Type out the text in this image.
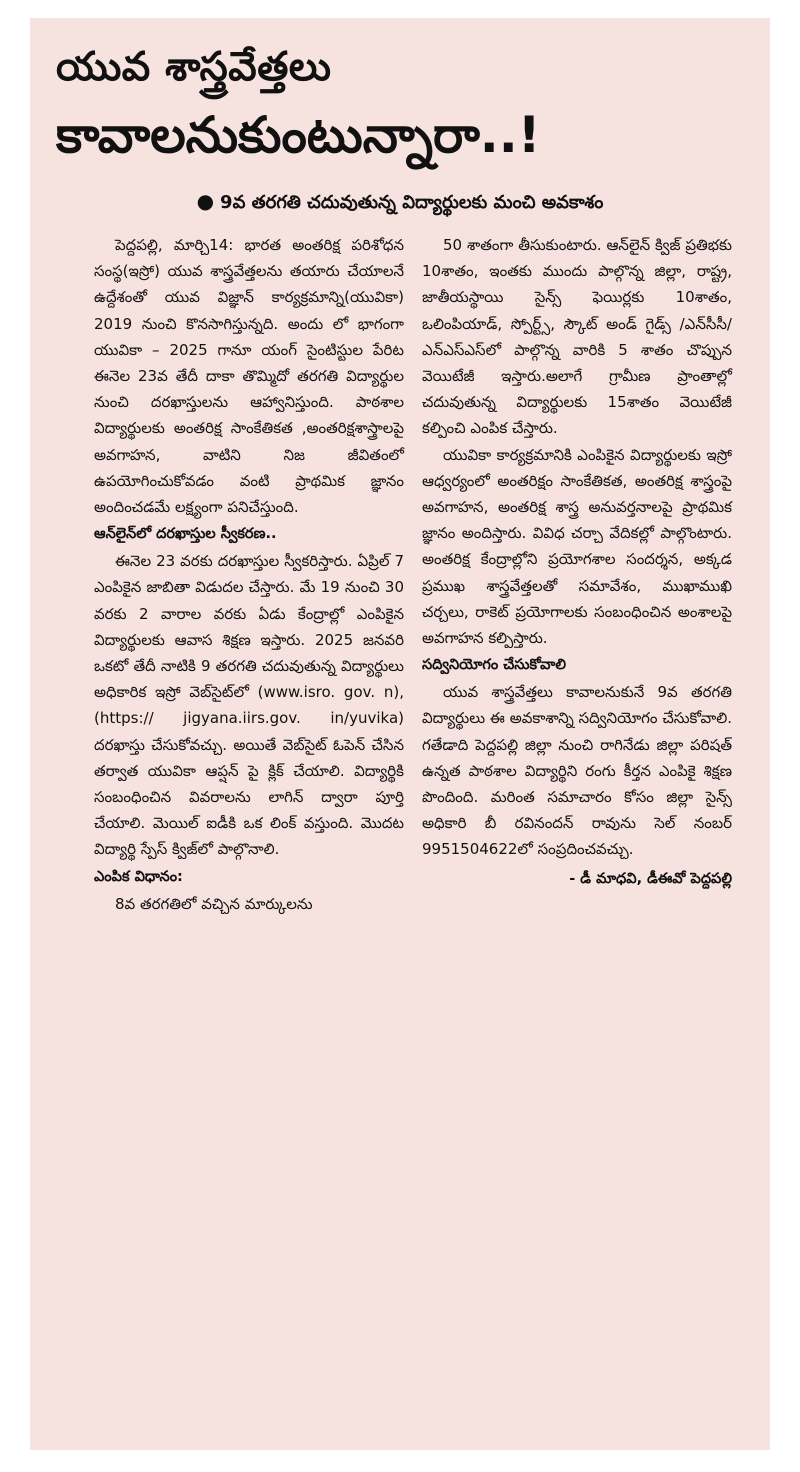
యువ శాస్త్రవేత్తలు
కావాలనుకుంటున్నారా..!
● 9వ తరగతి చదువుతున్న విద్యార్థులకు మంచి అవకాశం

పెద్దపల్లి, మార్చి14: భారత అంతరిక్ష పరిశోధన సంస్థ(ఇస్రో) యువ శాస్త్రవేత్తలను తయారు చేయాలనే ఉద్దేశంతో యువ విజ్ఞాన్ కార్యక్రమాన్ని(యువికా) 2019 నుంచి కొనసాగిస్తున్నది. అందు లో భాగంగా యువికా – 2025 గానూ యంగ్ సైంటిస్టుల పేరిట ఈనెల 23వ తేదీ దాకా తొమ్మిదో తరగతి విద్యార్థుల నుంచి దరఖాస్తులను ఆహ్వానిస్తుంది. పాఠశాల విద్యార్థులకు అంతరిక్ష సాంకేతికత ,అంతరిక్షశాస్త్రాలపై అవగాహన, వాటిని నిజ జీవితంలో ఉపయోగించుకోవడం వంటి ప్రాథమిక జ్ఞానం అందించడమే లక్ష్యంగా పనిచేస్తుంది.

ఆన్‌లైన్‌లో దరఖాస్తుల స్వీకరణ..

ఈనెల 23 వరకు దరఖాస్తుల స్వీకరిస్తారు. ఏప్రిల్ 7 ఎంపికైన జాబితా విడుదల చేస్తారు. మే 19 నుంచి 30 వరకు 2 వారాల వరకు ఏడు కేంద్రాల్లో ఎంపికైన విద్యార్థులకు ఆవాస శిక్షణ ఇస్తారు. 2025 జనవరి ఒకటో తేదీ నాటికి 9 తరగతి చదువుతున్న విద్యార్థులు అధికారిక ఇస్రో వెబ్‌సైట్‌లో (www.isro. gov. n), (https:// jigyana.iirs.gov. in/yuvika) దరఖాస్తు చేసుకోవచ్చు. అయితే వెబ్‌సైట్ ఓపెన్ చేసిన తర్వాత యువికా ఆప్షన్ పై క్లిక్ చేయాలి. విద్యార్థికి సంబంధించిన వివరాలను లాగిన్ ద్వారా పూర్తి చేయాలి. మెయిల్ ఐడీకి ఒక లింక్ వస్తుంది. మొదట విద్యార్థి స్పేస్ క్విజ్‌లో పాల్గొనాలి.

ఎంపిక విధానం:

8వ తరగతిలో వచ్చిన మార్కులను

50 శాతంగా తీసుకుంటారు. ఆన్‌లైన్ క్విజ్ ప్రతిభకు 10శాతం, ఇంతకు ముందు పాల్గొన్న జిల్లా, రాష్ట్ర, జాతీయస్థాయి సైన్స్ ఫెయిర్లకు 10శాతం, ఒలింపియాడ్, స్పోర్ట్స్, స్కౌట్ అండ్ గైడ్స్ /ఎన్‌సీసీ/ఎన్‌ఎస్‌ఎస్‌లో పాల్గొన్న వారికి 5 శాతం చొప్పున వెయిటేజీ ఇస్తారు.అలాగే గ్రామీణ ప్రాంతాల్లో చదువుతున్న విద్యార్థులకు 15శాతం వెయిటేజీ కల్పించి ఎంపిక చేస్తారు.

యువికా కార్యక్రమానికి ఎంపికైన విద్యార్థులకు ఇస్రో ఆధ్వర్యంలో అంతరిక్షం సాంకేతికత, అంతరిక్ష శాస్త్రంపై అవగాహన, అంతరిక్ష శాస్త్ర అనువర్తనాలపై ప్రాథమిక జ్ఞానం అందిస్తారు. వివిధ చర్చా వేదికల్లో పాల్గొంటారు. అంతరిక్ష కేంద్రాల్లోని ప్రయోగశాల సందర్శన, అక్కడ ప్రముఖ శాస్త్రవేత్తలతో సమావేశం, ముఖాముఖి చర్చలు, రాకెట్ ప్రయోగాలకు సంబంధించిన అంశాలపై అవగాహన కల్పిస్తారు.

సద్వినియోగం చేసుకోవాలి

యువ శాస్త్రవేత్తలు కావాలనుకునే 9వ తరగతి విద్యార్థులు ఈ అవకాశాన్ని సద్వినియోగం చేసుకోవాలి. గతేడాది పెద్దపల్లి జిల్లా నుంచి రాగినేడు జిల్లా పరిషత్ ఉన్నత పాఠశాల విద్యార్థిని రంగు కీర్తన ఎంపికై శిక్షణ పొందింది. మరింత సమాచారం కోసం జిల్లా సైన్స్ అధికారి బీ రవినందన్ రావును సెల్ నంబర్ 9951504622లో సంప్రదించవచ్చు.

- డీ మాధవి, డీఈవో పెద్దపల్లి
